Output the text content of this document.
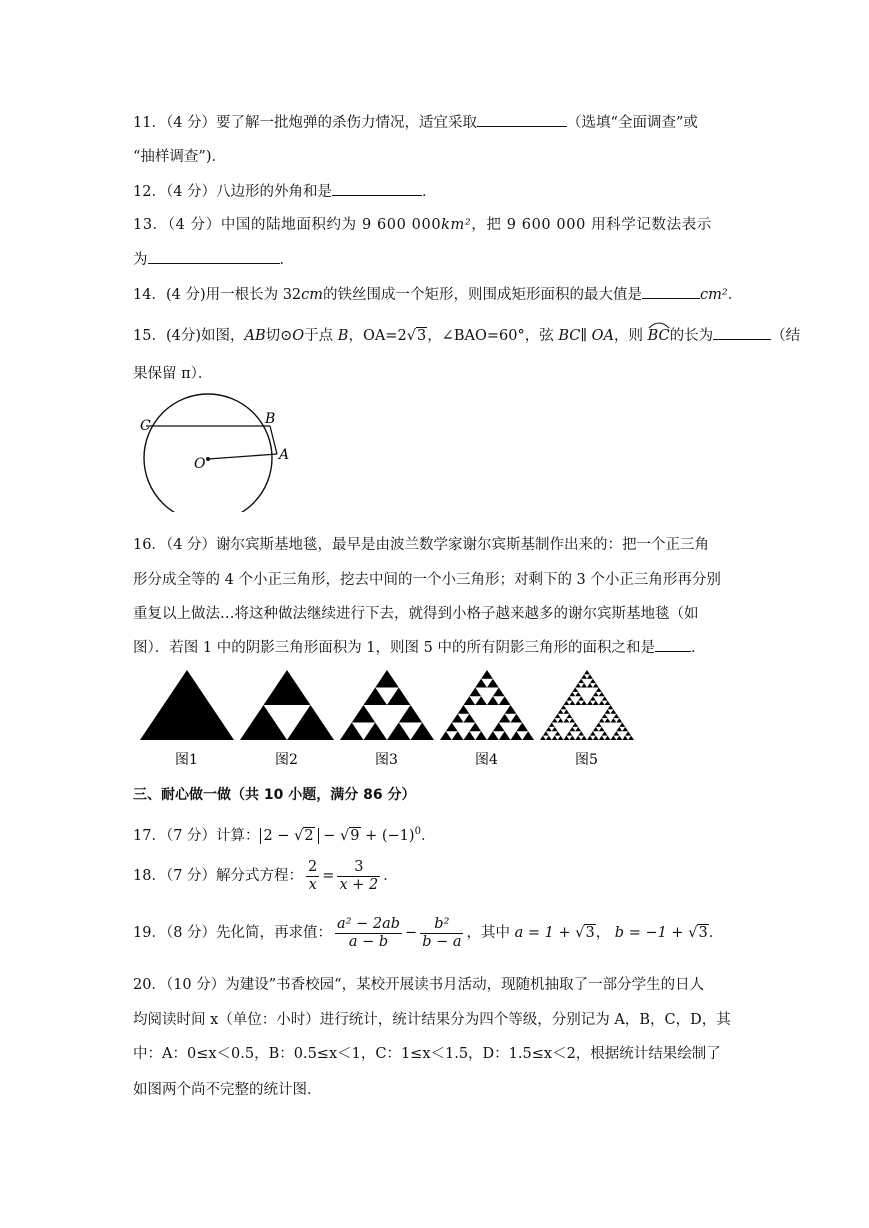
11．（4 分）要了解一批炮弹的杀伤力情况，适宜采取	（选填“全面调查”或
“抽样调查”)．
12．（4 分）八边形的外角和是	．
13．（4 分）中国的陆地面积约为 9 600 000km²，把 9 600 000 用科学记数法表示
为	．
14．(4 分)用一根长为 32cm的铁丝围成一个矩形，则围成矩形面积的最大值是	cm²．
15．(4分)如图，AB切⊙O于点 B，OA=2√3，∠BAO=60°，弦 BC∥ OA，则
BC的长为	（结
果保留 π）．
C	B
O
A
16．（4 分）谢尔宾斯基地毯，最早是由波兰数学家谢尔宾斯基制作出来的：把一个正三角
形分成全等的 4 个小正三角形，挖去中间的一个小三角形；对剩下的 3 个小正三角形再分别
重复以上做法…将这种做法继续进行下去，就得到小格子越来越多的谢尔宾斯基地毯（如
图）．若图 1 中的阴影三角形面积为 1，则图 5 中的所有阴影三角形的面积之和是 ．
图1	图2	图3	图4	图5
三、耐心做一做（共 10 小题，满分 86 分）
17．（7 分）计算： $2 - √2 - √9 + (-1)^0$．
18．（7 分）解分式方程： $\frac{2}{x} = \frac{3}{x + 2}$ ．
19．（8 分）先化简，再求值： $\frac{\text{a² − 2ab}}{a - b} - \frac{\text{b²}}{b - a}$ ，其中 a = 1 + √3， b = −1 + √3．
20．（10 分）为建设”书香校园“，某校开展读书月活动，现随机抽取了一部分学生的日人
均阅读时间 x（单位：小时）进行统计，统计结果分为四个等级，分别记为 A，B，C，D，其
中：A：0≤x＜0.5，B：0.5≤x＜1，C：1≤x＜1.5，D：1.5≤x＜2，根据统计结果绘制了
如图两个尚不完整的统计图．
